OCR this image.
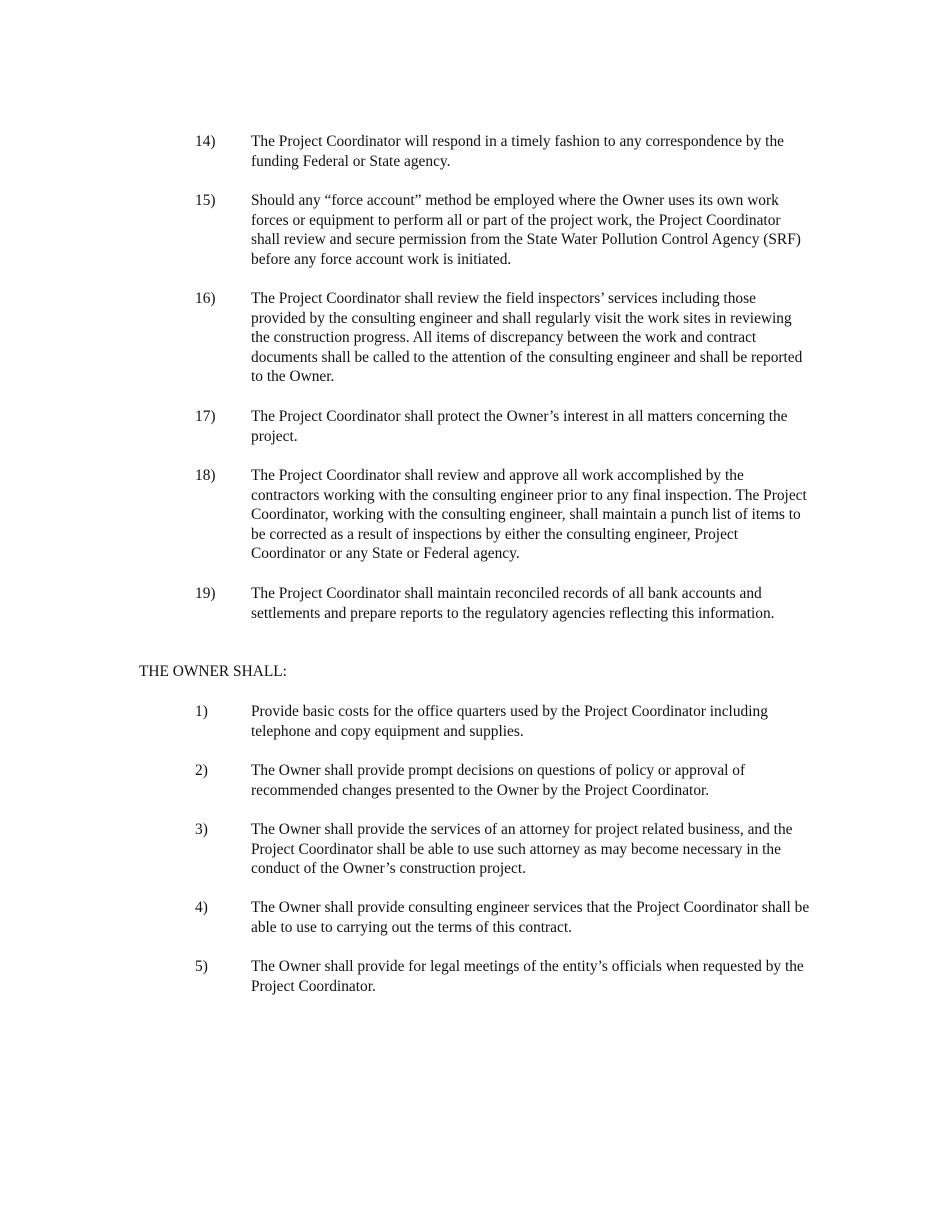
14)	The Project Coordinator will respond in a timely fashion to any correspondence by the funding Federal or State agency.
15)	Should any “force account” method be employed where the Owner uses its own work forces or equipment to perform all or part of the project work, the Project Coordinator shall review and secure permission from the State Water Pollution Control Agency (SRF) before any force account work is initiated.
16)	The Project Coordinator shall review the field inspectors’ services including those provided by the consulting engineer and shall regularly visit the work sites in reviewing the construction progress. All items of discrepancy between the work and contract documents shall be called to the attention of the consulting engineer and shall be reported to the Owner.
17)	The Project Coordinator shall protect the Owner’s interest in all matters concerning the project.
18)	The Project Coordinator shall review and approve all work accomplished by the contractors working with the consulting engineer prior to any final inspection. The Project Coordinator, working with the consulting engineer, shall maintain a punch list of items to be corrected as a result of inspections by either the consulting engineer, Project Coordinator or any State or Federal agency.
19)	The Project Coordinator shall maintain reconciled records of all bank accounts and settlements and prepare reports to the regulatory agencies reflecting this information.
THE OWNER SHALL:
1)	Provide basic costs for the office quarters used by the Project Coordinator including telephone and copy equipment and supplies.
2)	The Owner shall provide prompt decisions on questions of policy or approval of recommended changes presented to the Owner by the Project Coordinator.
3)	The Owner shall provide the services of an attorney for project related business, and the Project Coordinator shall be able to use such attorney as may become necessary in the conduct of the Owner’s construction project.
4)	The Owner shall provide consulting engineer services that the Project Coordinator shall be able to use to carrying out the terms of this contract.
5)	The Owner shall provide for legal meetings of the entity’s officials when requested by the Project Coordinator.
